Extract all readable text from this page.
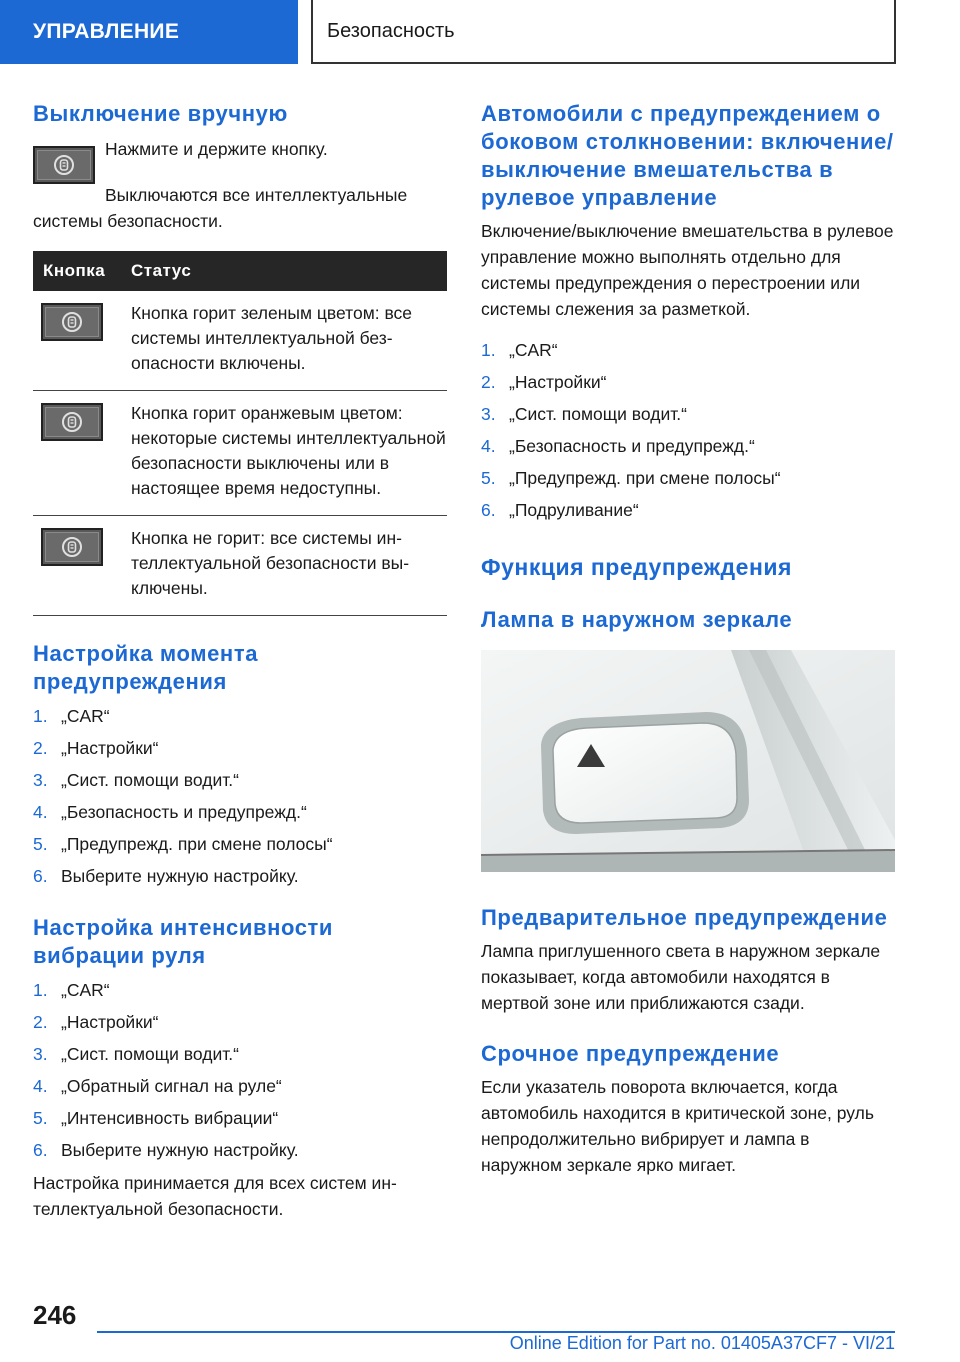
УПРАВЛЕНИЕ	Безопасность
Выключение вручную

Нажмите и держите кнопку.

Выключаются все интеллектуальные системы безопасности.

Кнопка	Статус

Кнопка горит зеленым цветом: все системы интеллектуальной безопасности включены.

Кнопка горит оранжевым цветом: некоторые системы интеллектуальной безопасности выключены или в настоящее время недоступны.

Кнопка не горит: все системы интеллектуальной безопасности выключены.

Настройка момента предупреждения
1. „CAR“
2. „Настройки“
3. „Сист. помощи водит.“
4. „Безопасность и предупрежд.“
5. „Предупрежд. при смене полосы“
6. Выберите нужную настройку.
Настройка интенсивности вибрации руля
1. „CAR“
2. „Настройки“
3. „Сист. помощи водит.“
4. „Обратный сигнал на руле“
5. „Интенсивность вибрации“
6. Выберите нужную настройку.

Настройка принимается для всех систем интеллектуальной безопасности.

Автомобили с предупреждением о боковом столкновении: включение/выключение вмешательства в рулевое управление

Включение/выключение вмешательства в рулевое управление можно выполнять отдельно для системы предупреждения о перестроении или системы слежения за разметкой.

1. „CAR“
2. „Настройки“
3. „Сист. помощи водит.“
4. „Безопасность и предупрежд.“
5. „Предупрежд. при смене полосы“
6. „Подруливание“
Функция предупреждения
Лампа в наружном зеркале
Предварительное предупреждение

Лампа приглушенного света в наружном зеркале показывает, когда автомобили находятся в мертвой зоне или приближаются сзади.

Срочное предупреждение

Если указатель поворота включается, когда автомобиль находится в критической зоне, руль непродолжительно вибрирует и лампа в наружном зеркале ярко мигает.

246
Online Edition for Part no. 01405A37CF7 - VI/21
